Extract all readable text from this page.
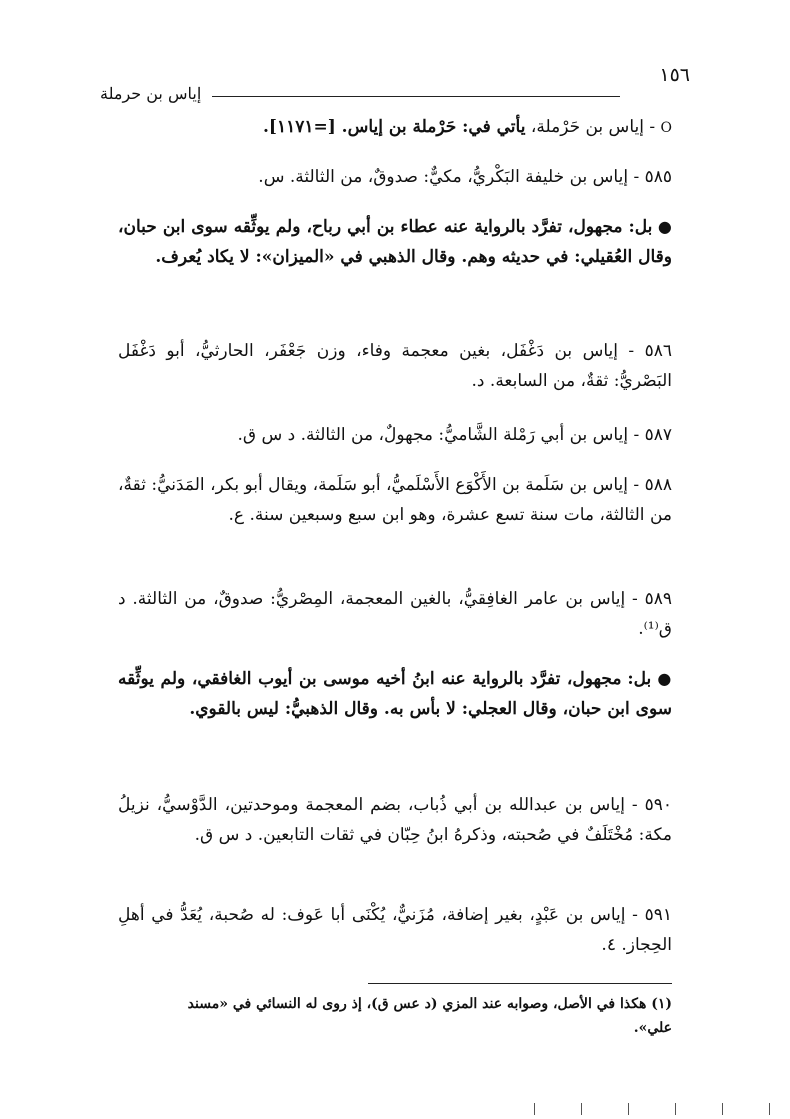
١٥٦
إياس بن حرملة
O - إياس بن حَرْملة، يأتي في: حَرْملة بن إياس. [=١١٧١].
٥٨٥ - إياس بن خليفة البَكْريُّ، مكيٌّ: صدوقٌ، من الثالثة. س.
● بل: مجهول، تفرَّد بالرواية عنه عطاء بن أبي رباح، ولم يوثِّقه سوى ابن حبان، وقال العُقيلي: في حديثه وهم. وقال الذهبي في «الميزان»: لا يكاد يُعرف.
٥٨٦ - إياس بن دَغْفَل، بغين معجمة وفاء، وزن جَعْفَر، الحارثيُّ، أبو دَغْفَل البَصْريُّ: ثقةٌ، من السابعة. د.
٥٨٧ - إياس بن أبي رَمْلة الشَّاميُّ: مجهولٌ، من الثالثة. د س ق.
٥٨٨ - إياس بن سَلَمة بن الأَكْوَع الأَسْلَميُّ، أبو سَلَمة، ويقال أبو بكر، المَدَنيُّ: ثقةٌ، من الثالثة، مات سنة تسع عشرة، وهو ابن سبع وسبعين سنة. ع.
٥٨٩ - إياس بن عامر الغافِقيُّ، بالغين المعجمة، المِصْريُّ: صدوقٌ، من الثالثة. د ق⁽¹⁾.
● بل: مجهول، تفرَّد بالرواية عنه ابنُ أخيه موسى بن أيوب الغافقي، ولم يوثِّقه سوى ابن حبان، وقال العجلي: لا بأس به. وقال الذهبيُّ: ليس بالقوي.
٥٩٠ - إياس بن عبدالله بن أبي ذُباب، بضم المعجمة وموحدتين، الدَّوْسيُّ، نزيلُ مكة: مُخْتَلَفٌ في صُحبته، وذكرهُ ابنُ حِبّان في ثقات التابعين. د س ق.
٥٩١ - إياس بن عَبْدٍ، بغير إضافة، مُزَنيٌّ، يُكْنَى أبا عَوف: له صُحبة، يُعَدُّ في أهلِ الحِجاز. ٤.
(١) هكذا في الأصل، وصوابه عند المزي (د عس ق)، إذ روى له النسائي في «مسند علي».
